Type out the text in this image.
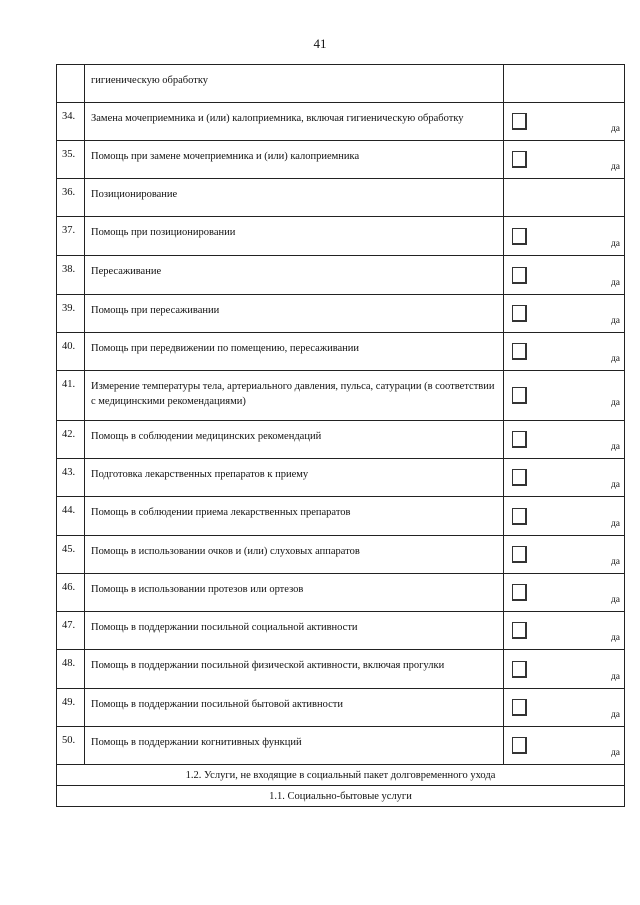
41
	гигиеническую обработку	
34.	Замена мочеприемника и (или) калоприемника, включая гигиеническую обработку	да

35.	Помощь при замене мочеприемника и (или) калоприемника	да

36.	Позиционирование	
37.	Помощь при позиционировании	да

38.	Пересаживание	да

39.	Помощь при пересаживании	да

40.	Помощь при передвижении по помещению, пересаживании	да

41.	Измерение температуры тела, артериального давления, пульса, сатурации (в соответствии с медицинскими рекомендациями)	да

42.	Помощь в соблюдении медицинских рекомендаций	да

43.	Подготовка лекарственных препаратов к приему	да

44.	Помощь в соблюдении приема лекарственных препаратов	да

45.	Помощь в использовании очков и (или) слуховых аппаратов	да

46.	Помощь в использовании протезов или ортезов	да

47.	Помощь в поддержании посильной социальной активности	да

48.	Помощь в поддержании посильной физической активности, включая прогулки	да

49.	Помощь в поддержании посильной бытовой активности	да

50.	Помощь в поддержании когнитивных функций	да

1.2. Услуги, не входящие в социальный пакет долговременного ухода		
1.1. Социально-бытовые услуги		
